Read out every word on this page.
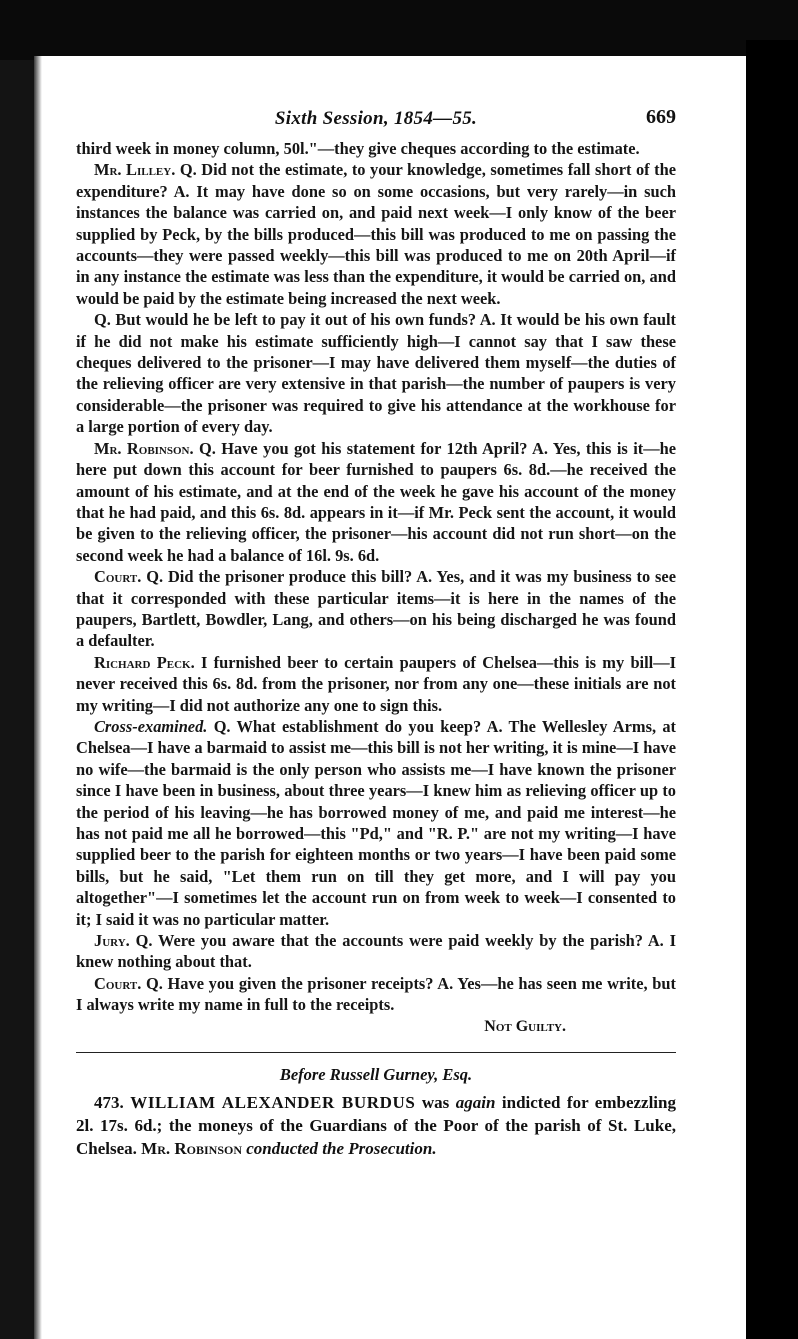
Sixth Session, 1854—55.	669

third week in money column, 50l."—they give cheques according to the estimate.

Mr. Lilley. Q. Did not the estimate, to your knowledge, sometimes fall short of the expenditure? A. It may have done so on some occasions, but very rarely—in such instances the balance was carried on, and paid next week—I only know of the beer supplied by Peck, by the bills produced—this bill was produced to me on passing the accounts—they were passed weekly—this bill was produced to me on 20th April—if in any instance the estimate was less than the expenditure, it would be carried on, and would be paid by the estimate being increased the next week.

Q. But would he be left to pay it out of his own funds? A. It would be his own fault if he did not make his estimate sufficiently high—I cannot say that I saw these cheques delivered to the prisoner—I may have delivered them myself—the duties of the relieving officer are very extensive in that parish—the number of paupers is very considerable—the prisoner was required to give his attendance at the workhouse for a large portion of every day.

Mr. Robinson. Q. Have you got his statement for 12th April? A. Yes, this is it—he here put down this account for beer furnished to paupers 6s. 8d.—he received the amount of his estimate, and at the end of the week he gave his account of the money that he had paid, and this 6s. 8d. appears in it—if Mr. Peck sent the account, it would be given to the relieving officer, the prisoner—his account did not run short—on the second week he had a balance of 16l. 9s. 6d.

Court. Q. Did the prisoner produce this bill? A. Yes, and it was my business to see that it corresponded with these particular items—it is here in the names of the paupers, Bartlett, Bowdler, Lang, and others—on his being discharged he was found a defaulter.

Richard Peck. I furnished beer to certain paupers of Chelsea—this is my bill—I never received this 6s. 8d. from the prisoner, nor from any one—these initials are not my writing—I did not authorize any one to sign this.

Cross-examined. Q. What establishment do you keep? A. The Wellesley Arms, at Chelsea—I have a barmaid to assist me—this bill is not her writing, it is mine—I have no wife—the barmaid is the only person who assists me—I have known the prisoner since I have been in business, about three years—I knew him as relieving officer up to the period of his leaving—he has borrowed money of me, and paid me interest—he has not paid me all he borrowed—this "Pd," and "R. P." are not my writing—I have supplied beer to the parish for eighteen months or two years—I have been paid some bills, but he said, "Let them run on till they get more, and I will pay you altogether"—I sometimes let the account run on from week to week—I consented to it; I said it was no particular matter.

Jury. Q. Were you aware that the accounts were paid weekly by the parish? A. I knew nothing about that.

Court. Q. Have you given the prisoner receipts? A. Yes—he has seen me write, but I always write my name in full to the receipts.

Not Guilty.

Before Russell Gurney, Esq.

473. WILLIAM ALEXANDER BURDUS was again indicted for embezzling 2l. 17s. 6d.; the moneys of the Guardians of the Poor of the parish of St. Luke, Chelsea. Mr. Robinson conducted the Prosecution.
